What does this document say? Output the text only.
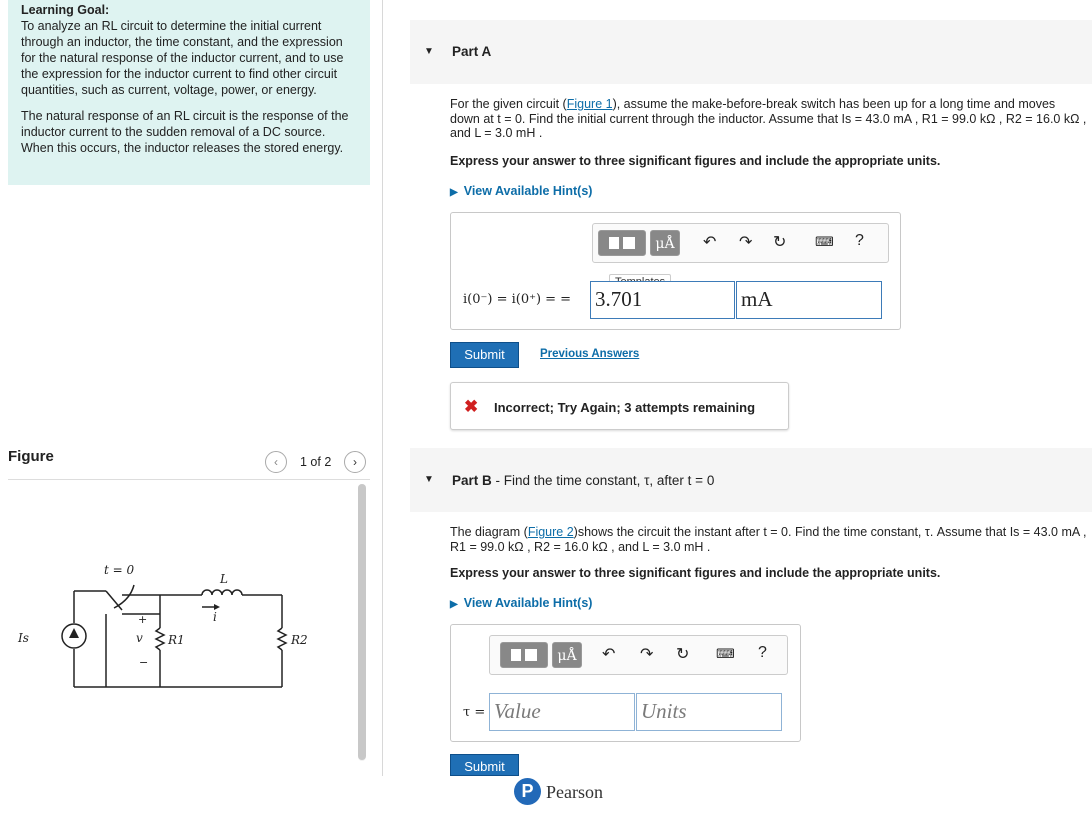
Learning Goal:

To analyze an RL circuit to determine the initial current through an inductor, the time constant, and the expression for the natural response of the inductor current, and to use the expression for the inductor current to find other circuit quantities, such as current, voltage, power, or energy.

The natural response of an RL circuit is the response of the inductor current to the sudden removal of a DC source. When this occurs, the inductor releases the stored energy.

Figure	‹	1 of 2	›
t = 0
L
Is	v R1	R2
i
+
−
▼ Part A
For the given circuit (Figure 1), assume the make-before-break switch has been up for a long time and moves down at t = 0. Find the initial current through the inductor. Assume that Is = 43.0 mA , R1 = 99.0 kΩ , R2 = 16.0 kΩ , and L = 3.0 mH .
Express your answer to three significant figures and include the appropriate units.
▶ View Available Hint(s)
μÅ	↶ ↷ ↻ ⌨ ?
i(0⁻) = i(0⁺) = = 3.701	mA
Submit	Previous Answers
✖ Incorrect; Try Again; 3 attempts remaining
▼ Part B - Find the time constant, τ, after t = 0
The diagram (Figure 2)shows the circuit the instant after t = 0. Find the time constant, τ. Assume that Is = 43.0 mA , R1 = 99.0 kΩ , R2 = 16.0 kΩ , and L = 3.0 mH .
Express your answer to three significant figures and include the appropriate units.
▶ View Available Hint(s)
μÅ	↶ ↷ ↻ ⌨ ?
τ = Value	Units
Submit
P Pearson
